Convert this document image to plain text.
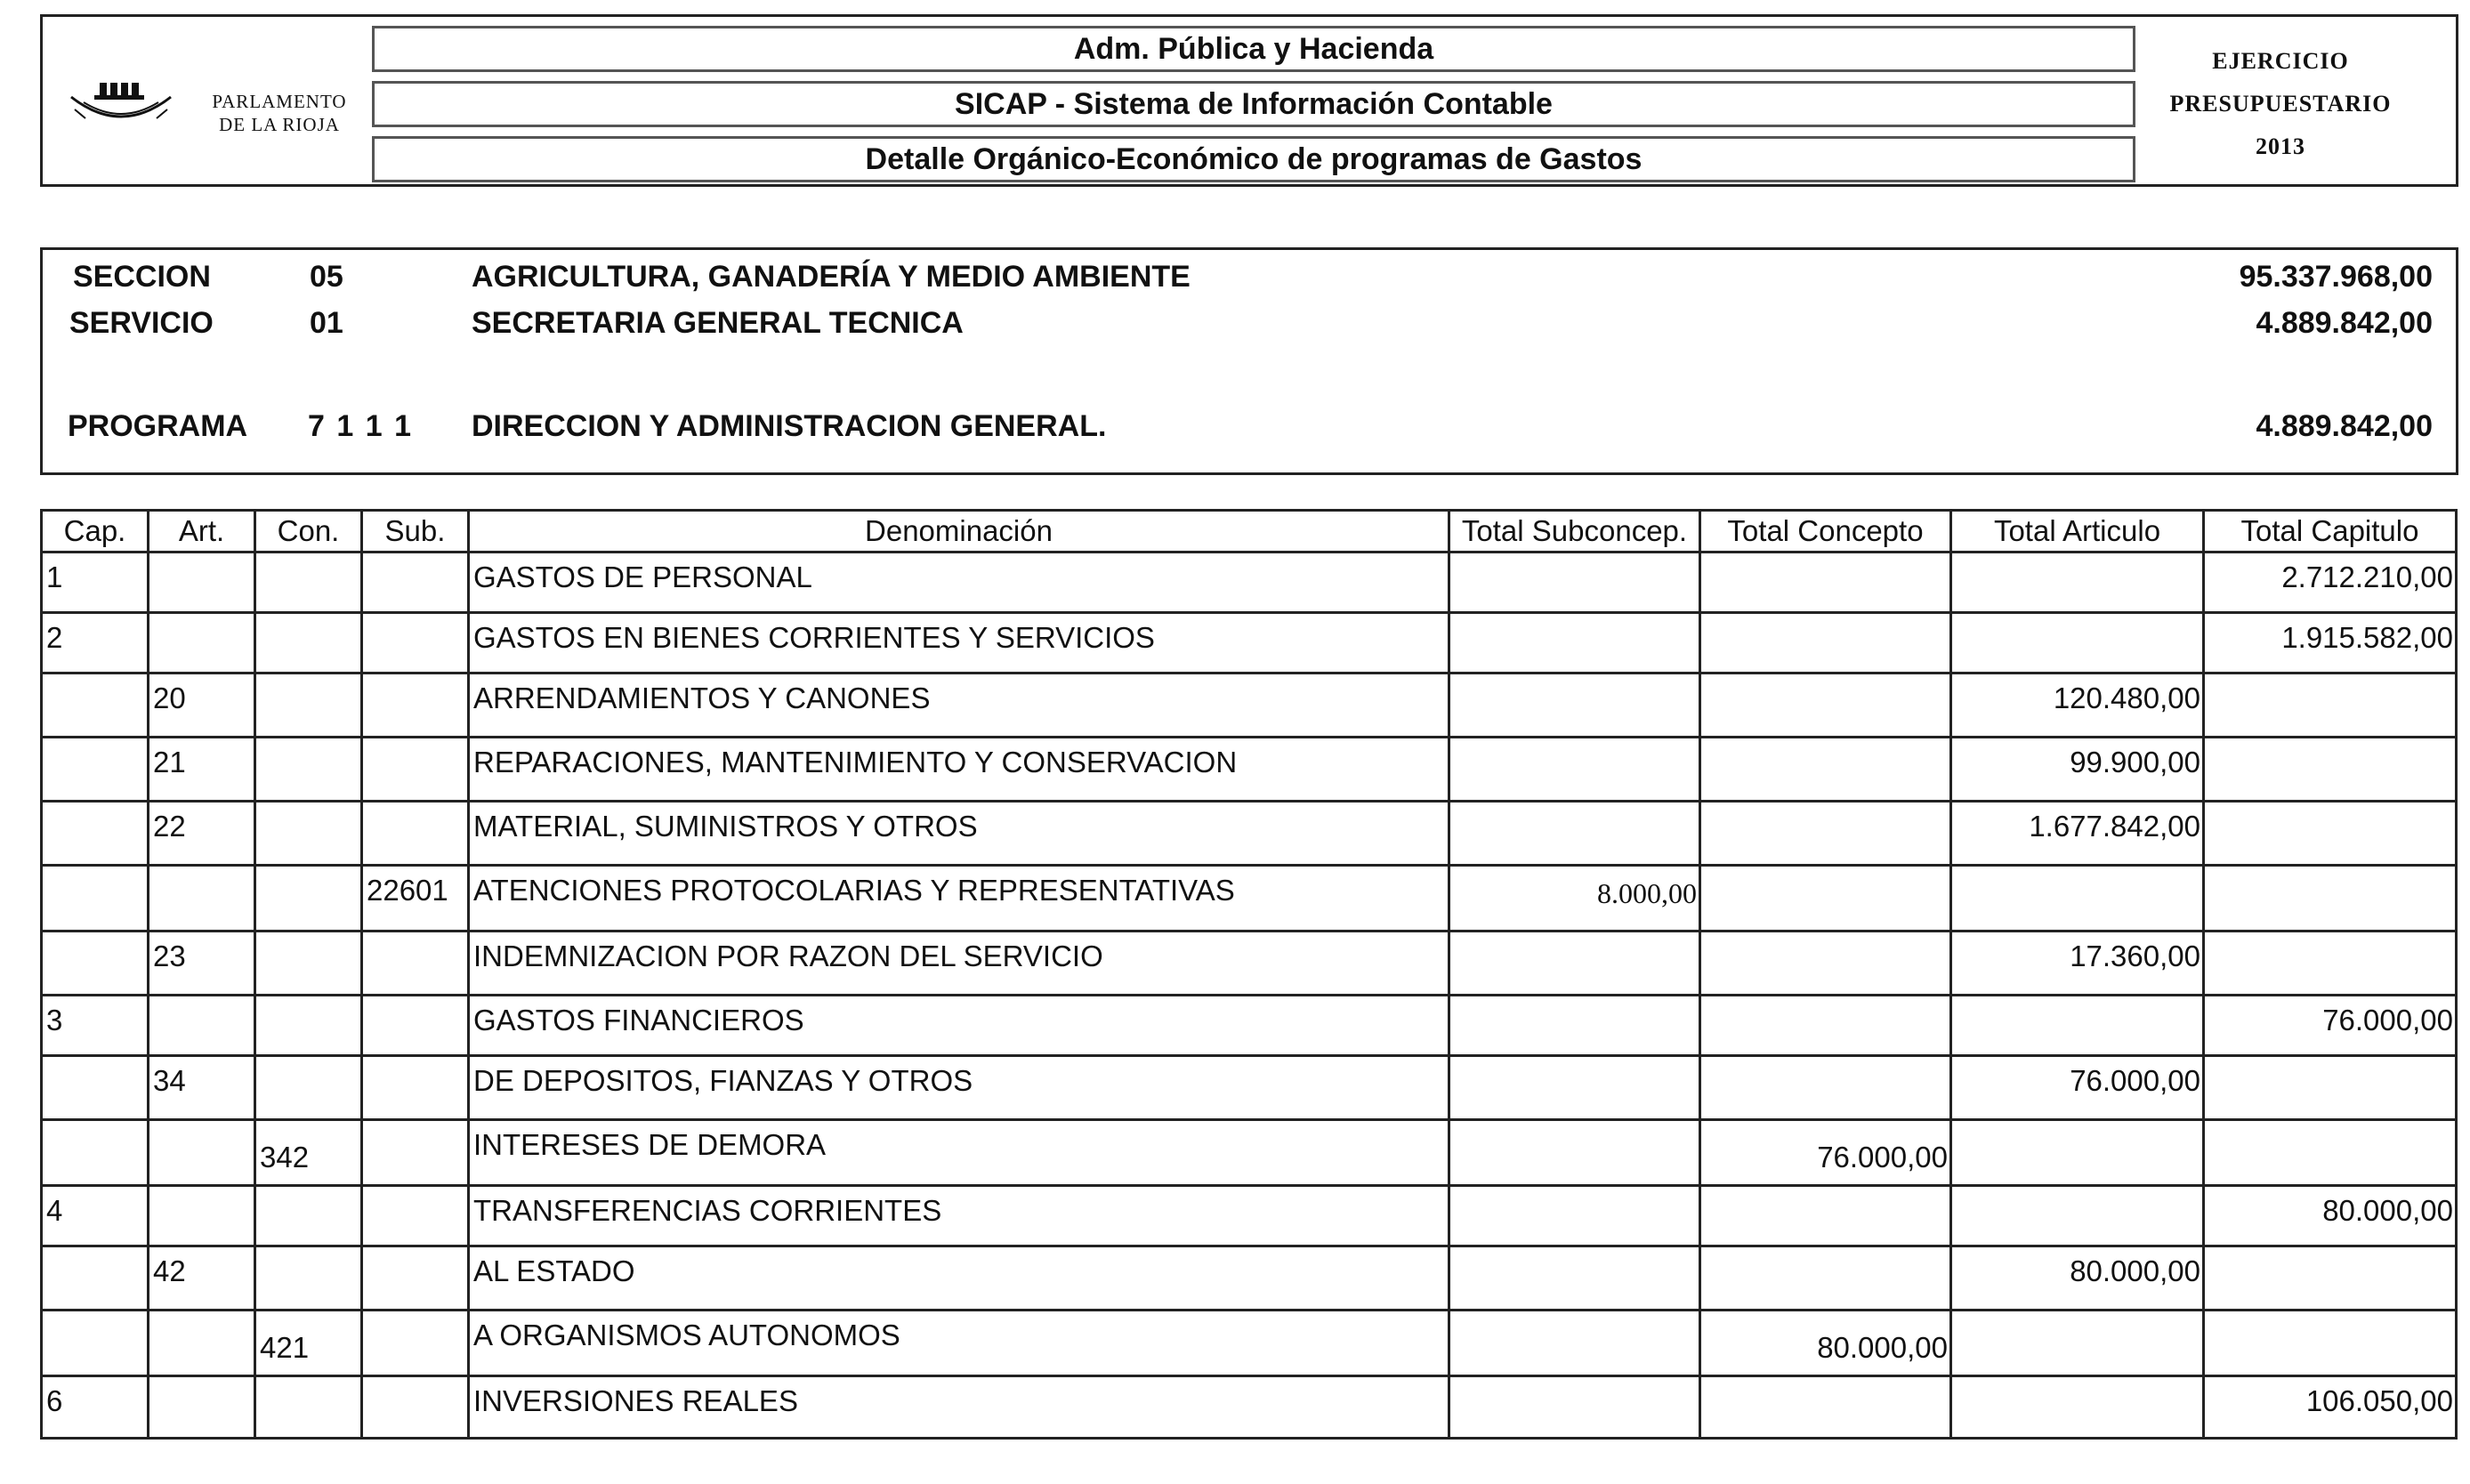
PARLAMENTO
DE LA RIOJA
Adm. Pública y Hacienda
SICAP - Sistema de Información Contable
Detalle Orgánico-Económico de programas de Gastos
EJERCICIO
PRESUPUESTARIO
2013
SECCION	05	AGRICULTURA, GANADERÍA Y MEDIO AMBIENTE	95.337.968,00
SERVICIO	01	SECRETARIA GENERAL TECNICA	4.889.842,00
PROGRAMA 7 1 1 1 DIRECCION Y ADMINISTRACION GENERAL.	4.889.842,00
Cap.	Art.	Con.	Sub.	Denominación	Total Subconcep.	Total Concepto	Total Articulo	Total Capitulo
1				GASTOS DE PERSONAL				2.712.210,00
2				GASTOS EN BIENES CORRIENTES Y SERVICIOS				1.915.582,00
	20			ARRENDAMIENTOS Y CANONES			120.480,00	
	21			REPARACIONES, MANTENIMIENTO Y CONSERVACION			99.900,00	
	22			MATERIAL, SUMINISTROS Y OTROS			1.677.842,00	
			22601	ATENCIONES PROTOCOLARIAS Y REPRESENTATIVAS	8.000,00			
	23			INDEMNIZACION POR RAZON DEL SERVICIO			17.360,00	
3				GASTOS FINANCIEROS				76.000,00
	34			DE DEPOSITOS, FIANZAS Y OTROS			76.000,00	
		342		INTERESES DE DEMORA		76.000,00		
4				TRANSFERENCIAS CORRIENTES				80.000,00
	42			AL ESTADO			80.000,00	
		421		A ORGANISMOS AUTONOMOS		80.000,00		
6				INVERSIONES REALES				106.050,00
